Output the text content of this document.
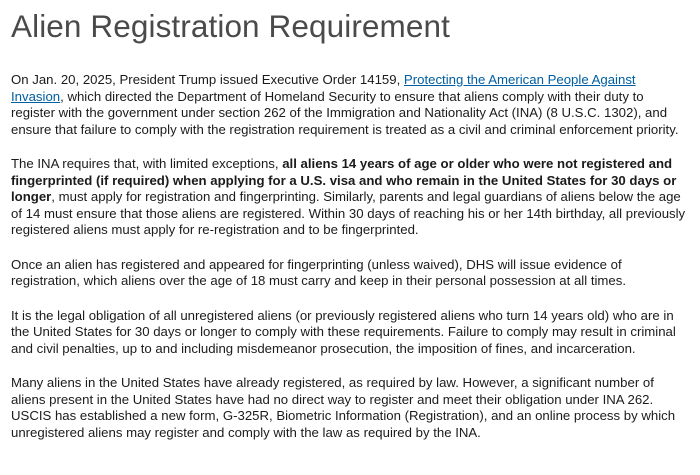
Alien Registration Requirement

On Jan. 20, 2025, President Trump issued Executive Order 14159, Protecting the American People Against Invasion, which directed the Department of Homeland Security to ensure that aliens comply with their duty to register with the government under section 262 of the Immigration and Nationality Act (INA) (8 U.S.C. 1302), and ensure that failure to comply with the registration requirement is treated as a civil and criminal enforcement priority.

The INA requires that, with limited exceptions, all aliens 14 years of age or older who were not registered and fingerprinted (if required) when applying for a U.S. visa and who remain in the United States for 30 days or longer, must apply for registration and fingerprinting. Similarly, parents and legal guardians of aliens below the age of 14 must ensure that those aliens are registered. Within 30 days of reaching his or her 14th birthday, all previously registered aliens must apply for re-registration and to be fingerprinted.

Once an alien has registered and appeared for fingerprinting (unless waived), DHS will issue evidence of registration, which aliens over the age of 18 must carry and keep in their personal possession at all times.

It is the legal obligation of all unregistered aliens (or previously registered aliens who turn 14 years old) who are in the United States for 30 days or longer to comply with these requirements. Failure to comply may result in criminal and civil penalties, up to and including misdemeanor prosecution, the imposition of fines, and incarceration.

Many aliens in the United States have already registered, as required by law. However, a significant number of aliens present in the United States have had no direct way to register and meet their obligation under INA 262. USCIS has established a new form, G-325R, Biometric Information (Registration), and an online process by which unregistered aliens may register and comply with the law as required by the INA.
